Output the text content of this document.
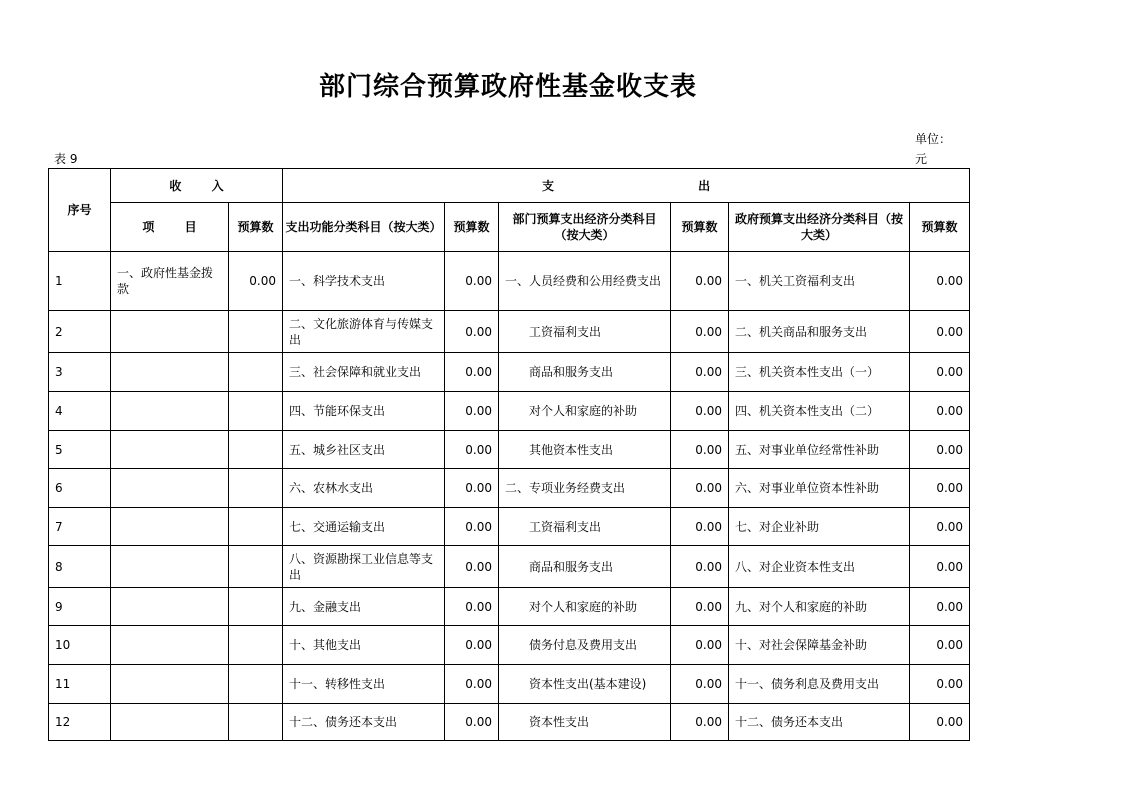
部门综合预算政府性基金收支表
表 9
单位：
元
序号	收 入		支 出					
	项 目	预算数	支出功能分类科目（按大类）	预算数	部门预算支出经济分类科目（按大类）	预算数	政府预算支出经济分类科目（按大类）	预算数
1	一、政府性基金拨款	0.00	一、科学技术支出	0.00	一、人员经费和公用经费支出	0.00	一、机关工资福利支出	0.00
2			二、文化旅游体育与传媒支出	0.00	工资福利支出	0.00	二、机关商品和服务支出	0.00
3			三、社会保障和就业支出	0.00	商品和服务支出	0.00	三、机关资本性支出（一）	0.00
4			四、节能环保支出	0.00	对个人和家庭的补助	0.00	四、机关资本性支出（二）	0.00
5			五、城乡社区支出	0.00	其他资本性支出	0.00	五、对事业单位经常性补助	0.00
6			六、农林水支出	0.00	二、专项业务经费支出	0.00	六、对事业单位资本性补助	0.00
7			七、交通运输支出	0.00	工资福利支出	0.00	七、对企业补助	0.00
8			八、资源勘探工业信息等支出	0.00	商品和服务支出	0.00	八、对企业资本性支出	0.00
9			九、金融支出	0.00	对个人和家庭的补助	0.00	九、对个人和家庭的补助	0.00
10			十、其他支出	0.00	债务付息及费用支出	0.00	十、对社会保障基金补助	0.00
11			十一、转移性支出	0.00	资本性支出(基本建设)	0.00	十一、债务利息及费用支出	0.00
12			十二、债务还本支出	0.00	资本性支出	0.00	十二、债务还本支出	0.00
